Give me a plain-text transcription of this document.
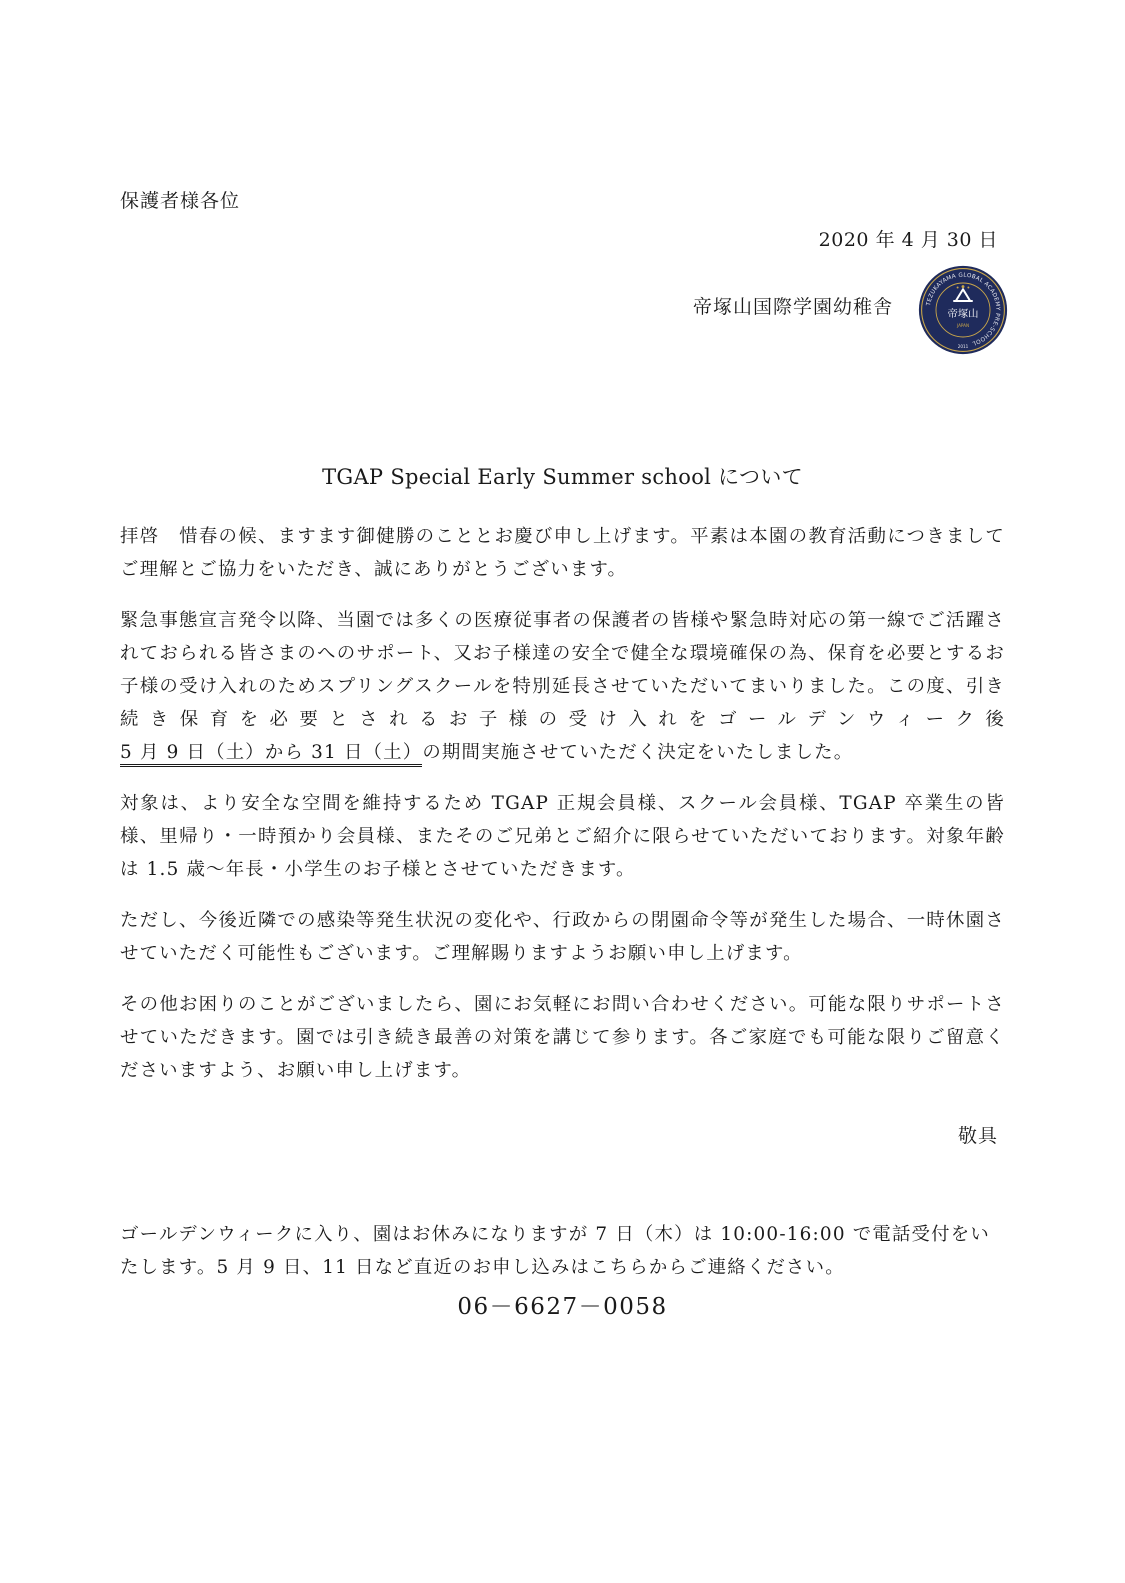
保護者様各位
2020 年 4 月 30 日
帝塚山国際学園幼稚舎	TEZUKAYAMA GLOBAL ACADEMY PRE-SCHOOL
帝塚山
JAPAN
2011
TGAP Special Early Summer school について

拝啓　惜春の候、ますます御健勝のこととお慶び申し上げます。平素は本園の教育活動につきましてご理解とご協力をいただき、誠にありがとうございます。

緊急事態宣言発令以降、当園では多くの医療従事者の保護者の皆様や緊急時対応の第一線でご活躍されておられる皆さまのへのサポート、又お子様達の安全で健全な環境確保の為、保育を必要とするお子様の受け入れのためスプリングスクールを特別延長させていただいてまいりました。この度、引き続き保育を必要とされるお子様の受け入れをゴールデンウィーク後5 月 9 日（土）から 31 日（土）の期間実施させていただく決定をいたしました。

対象は、より安全な空間を維持するため TGAP 正規会員様、スクール会員様、TGAP 卒業生の皆様、里帰り・一時預かり会員様、またそのご兄弟とご紹介に限らせていただいております。対象年齢は 1.5 歳～年長・小学生のお子様とさせていただきます。

ただし、今後近隣での感染等発生状況の変化や、行政からの閉園命令等が発生した場合、一時休園させていただく可能性もございます。ご理解賜りますようお願い申し上げます。

その他お困りのことがございましたら、園にお気軽にお問い合わせください。可能な限りサポートさせていただきます。園では引き続き最善の対策を講じて参ります。各ご家庭でも可能な限りご留意くださいますよう、お願い申し上げます。

敬具
ゴールデンウィークに入り、園はお休みになりますが 7 日（木）は 10:00-16:00 で電話受付をいたします。5 月 9 日、11 日など直近のお申し込みはこちらからご連絡ください。
06－6627－0058
